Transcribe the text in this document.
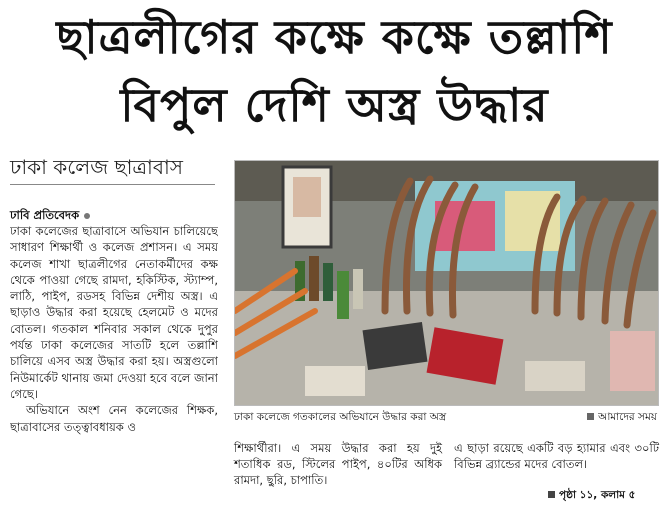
ছাত্রলীগের কক্ষে কক্ষে তল্লাশি
বিপুল দেশি অস্ত্র উদ্ধার
ঢাকা কলেজ ছাত্রাবাস
ঢাবি প্রতিবেদক

ঢাকা কলেজের ছাত্রাবাসে অভিযান চালিয়েছে সাধারণ শিক্ষার্থী ও কলেজ প্রশাসন। এ সময় কলেজ শাখা ছাত্রলীগের নেতাকর্মীদের কক্ষ থেকে পাওয়া গেছে রামদা, হকিস্টিক, স্ট্যাম্প, লাঠি, পাইপ, রডসহ বিভিন্ন দেশীয় অস্ত্র। এ ছাড়াও উদ্ধার করা হয়েছে হেলমেট ও মদের বোতল। গতকাল শনিবার সকাল থেকে দুপুর পর্যন্ত ঢাকা কলেজের সাতটি হলে তল্লাশি চালিয়ে এসব অস্ত্র উদ্ধার করা হয়। অস্ত্রগুলো নিউমার্কেট থানায় জমা দেওয়া হবে বলে জানা গেছে।

অভিযানে অংশ নেন কলেজের শিক্ষক, ছাত্রাবাসের তত্ত্বাবধায়ক ও

ঢাকা কলেজে গতকালের অভিযানে উদ্ধার করা অস্ত্র	আমাদের সময়
শিক্ষার্থীরা। এ সময় উদ্ধার করা হয় দুই শতাধিক রড, স্টিলের পাইপ, ৪০টির অধিক রামদা, ছুরি, চাপাতি।
এ ছাড়া রয়েছে একটি বড় হ্যামার এবং ৩০টি বিভিন্ন ব্র্যান্ডের মদের বোতল।
পৃষ্ঠা ১১, কলাম ৫
